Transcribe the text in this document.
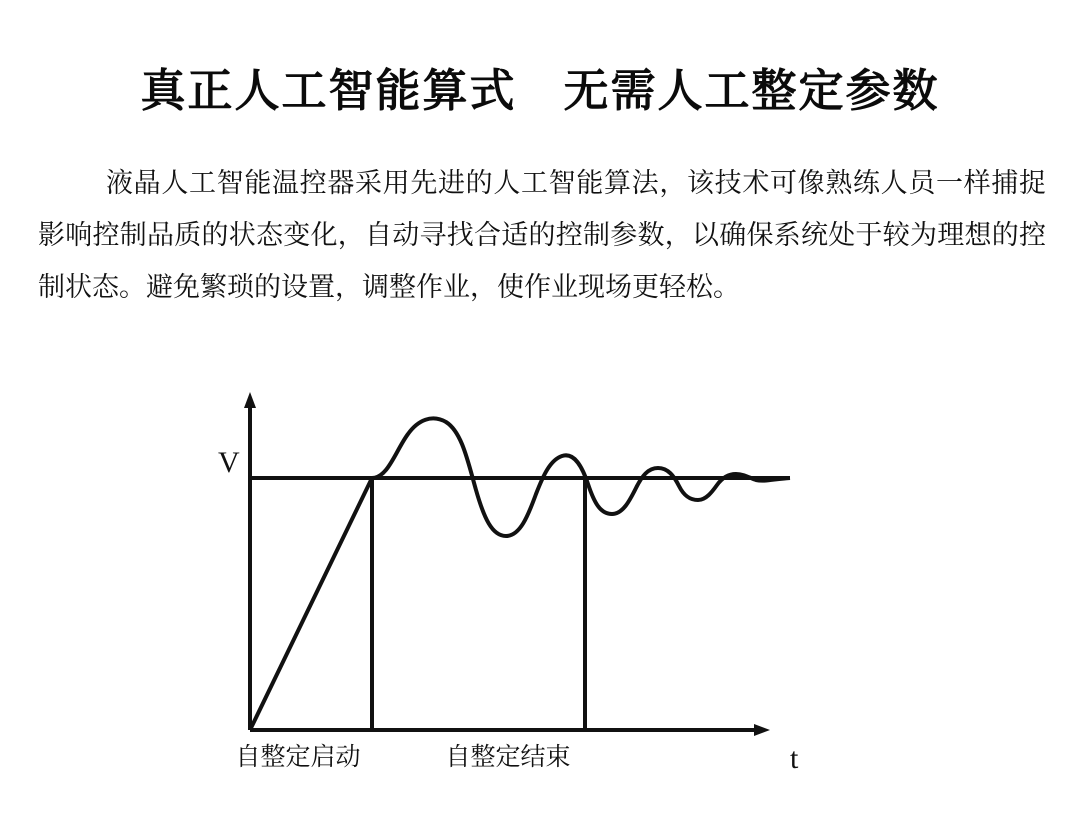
真正人工智能算式　无需人工整定参数
液晶人工智能温控器采用先进的人工智能算法，该技术可像熟练人员一样捕捉影响控制品质的状态变化，自动寻找合适的控制参数，以确保系统处于较为理想的控制状态。避免繁琐的设置，调整作业，使作业现场更轻松。
V
t
自整定启动	自整定结束
